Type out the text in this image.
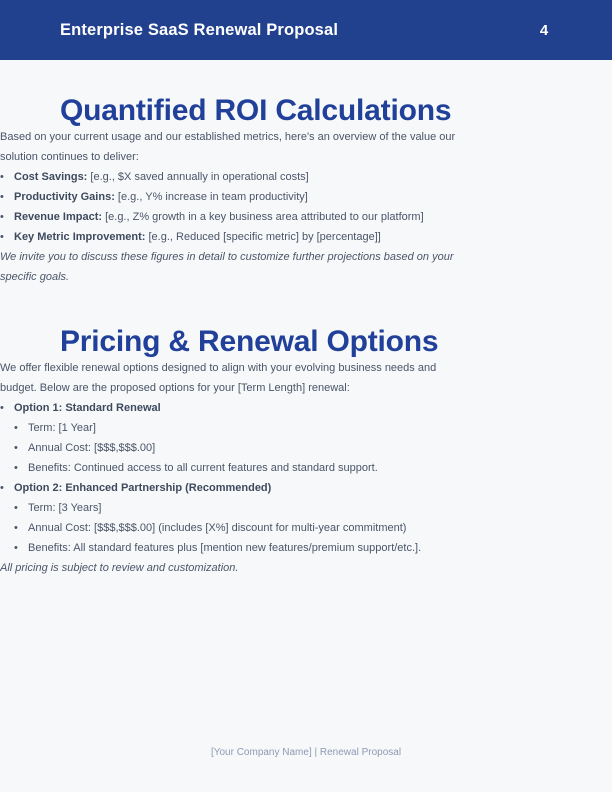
Enterprise SaaS Renewal Proposal	4
Quantified ROI Calculations

Based on your current usage and our established metrics, here's an overview of the value our solution continues to deliver:

• Cost Savings: [e.g., $X saved annually in operational costs]
• Productivity Gains: [e.g., Y% increase in team productivity]
• Revenue Impact: [e.g., Z% growth in a key business area attributed to our platform]
• Key Metric Improvement: [e.g., Reduced [specific metric] by [percentage]]

We invite you to discuss these figures in detail to customize further projections based on your specific goals.

Pricing & Renewal Options

We offer flexible renewal options designed to align with your evolving business needs and budget. Below are the proposed options for your [Term Length] renewal:

• Option 1: Standard Renewal
• Term: [1 Year]
• Annual Cost: [$$$,$$$.00]
• Benefits: Continued access to all current features and standard support.
• Option 2: Enhanced Partnership (Recommended)
• Term: [3 Years]
• Annual Cost: [$$$,$$$.00] (includes [X%] discount for multi-year commitment)
• Benefits: All standard features plus [mention new features/premium support/etc.].

All pricing is subject to review and customization.

[Your Company Name] | Renewal Proposal
